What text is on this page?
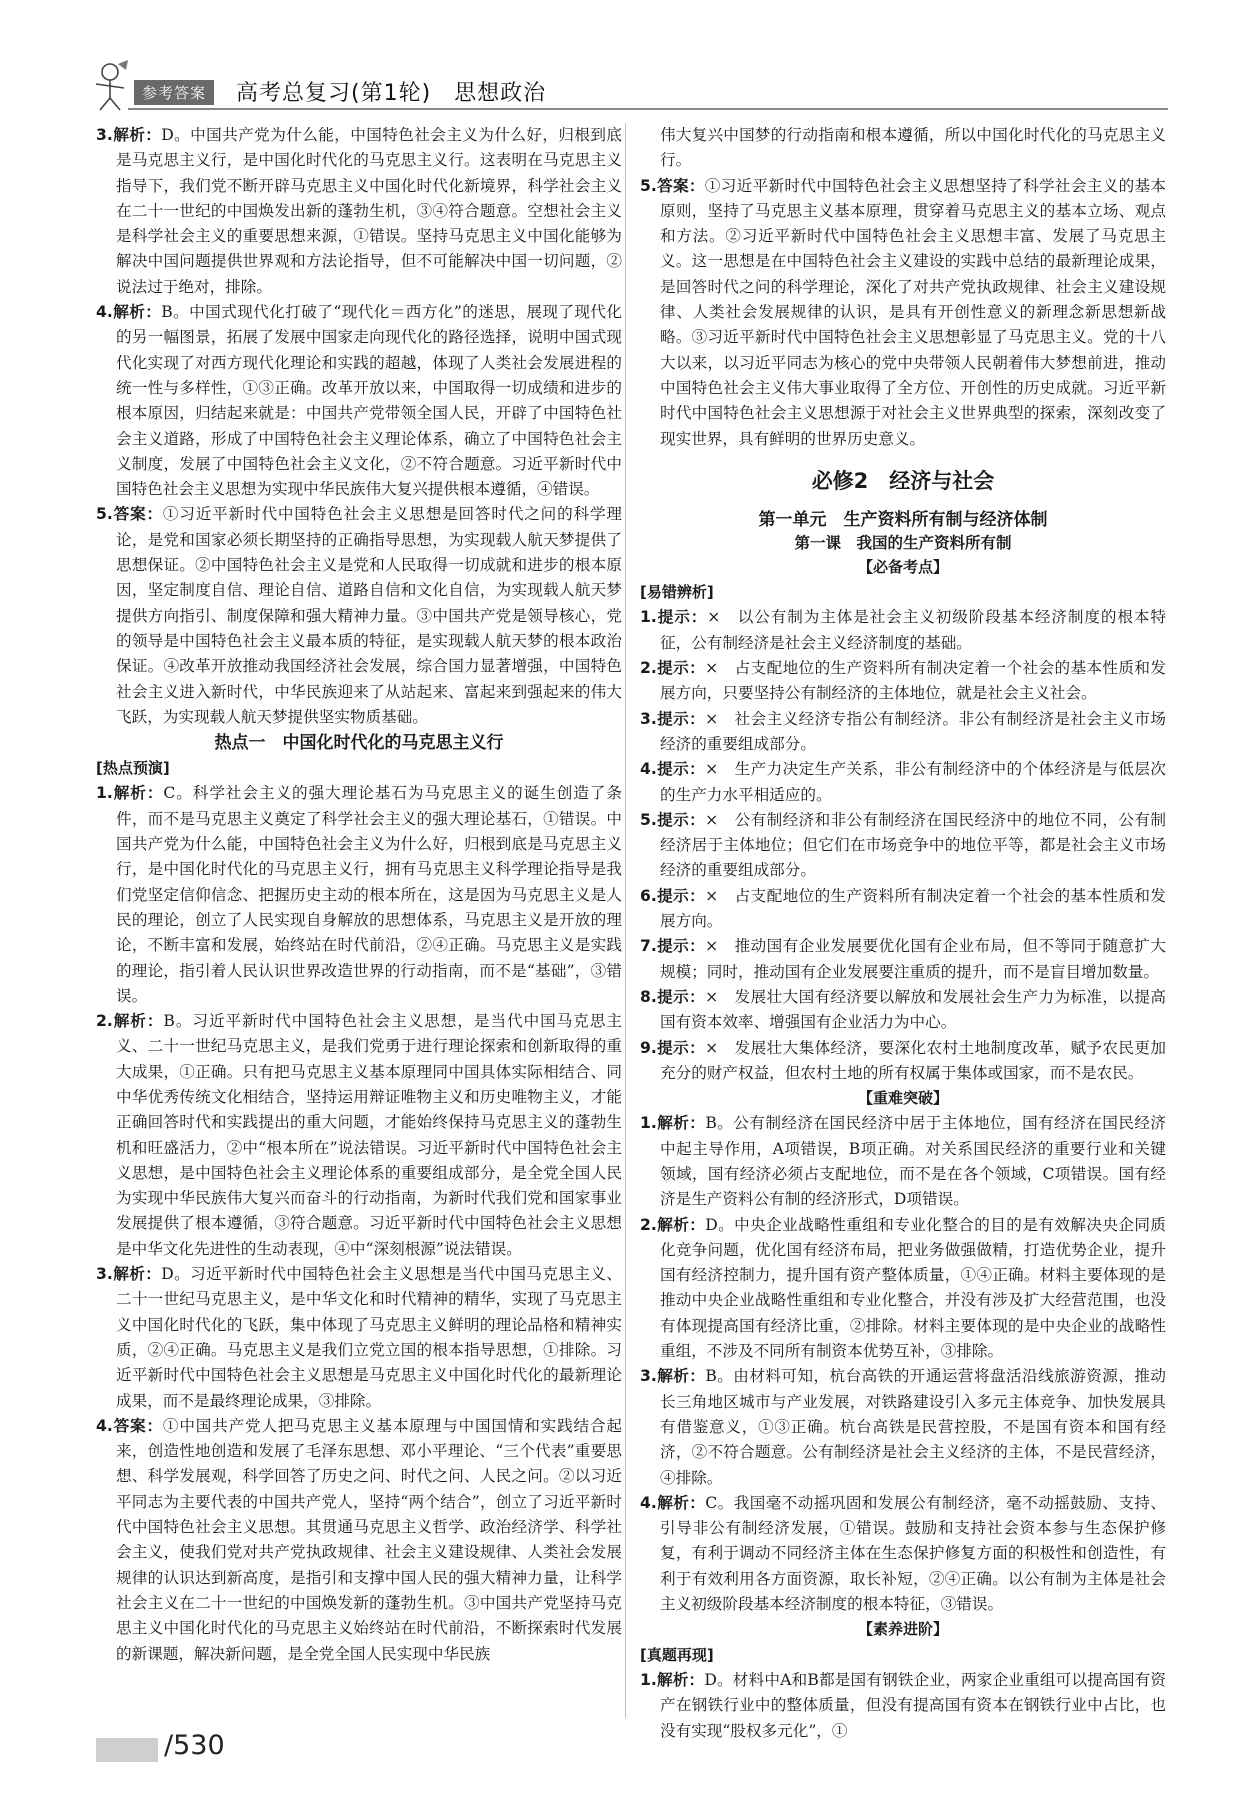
参考答案	高考总复习(第1轮)　思想政治

3.解析：D。中国共产党为什么能，中国特色社会主义为什么好，归根到底是马克思主义行，是中国化时代化的马克思主义行。这表明在马克思主义指导下，我们党不断开辟马克思主义中国化时代化新境界，科学社会主义在二十一世纪的中国焕发出新的蓬勃生机，③④符合题意。空想社会主义是科学社会主义的重要思想来源，①错误。坚持马克思主义中国化能够为解决中国问题提供世界观和方法论指导，但不可能解决中国一切问题，②说法过于绝对，排除。

4.解析：B。中国式现代化打破了“现代化＝西方化”的迷思，展现了现代化的另一幅图景，拓展了发展中国家走向现代化的路径选择，说明中国式现代化实现了对西方现代化理论和实践的超越，体现了人类社会发展进程的统一性与多样性，①③正确。改革开放以来，中国取得一切成绩和进步的根本原因，归结起来就是：中国共产党带领全国人民，开辟了中国特色社会主义道路，形成了中国特色社会主义理论体系，确立了中国特色社会主义制度，发展了中国特色社会主义文化，②不符合题意。习近平新时代中国特色社会主义思想为实现中华民族伟大复兴提供根本遵循，④错误。

5.答案：①习近平新时代中国特色社会主义思想是回答时代之问的科学理论，是党和国家必须长期坚持的正确指导思想，为实现载人航天梦提供了思想保证。②中国特色社会主义是党和人民取得一切成就和进步的根本原因，坚定制度自信、理论自信、道路自信和文化自信，为实现载人航天梦提供方向指引、制度保障和强大精神力量。③中国共产党是领导核心，党的领导是中国特色社会主义最本质的特征，是实现载人航天梦的根本政治保证。④改革开放推动我国经济社会发展，综合国力显著增强，中国特色社会主义进入新时代，中华民族迎来了从站起来、富起来到强起来的伟大飞跃，为实现载人航天梦提供坚实物质基础。

热点一　中国化时代化的马克思主义行

[热点预演]

1.解析：C。科学社会主义的强大理论基石为马克思主义的诞生创造了条件，而不是马克思主义奠定了科学社会主义的强大理论基石，①错误。中国共产党为什么能，中国特色社会主义为什么好，归根到底是马克思主义行，是中国化时代化的马克思主义行，拥有马克思主义科学理论指导是我们党坚定信仰信念、把握历史主动的根本所在，这是因为马克思主义是人民的理论，创立了人民实现自身解放的思想体系，马克思主义是开放的理论，不断丰富和发展，始终站在时代前沿，②④正确。马克思主义是实践的理论，指引着人民认识世界改造世界的行动指南，而不是“基础”，③错误。

2.解析：B。习近平新时代中国特色社会主义思想，是当代中国马克思主义、二十一世纪马克思主义，是我们党勇于进行理论探索和创新取得的重大成果，①正确。只有把马克思主义基本原理同中国具体实际相结合、同中华优秀传统文化相结合，坚持运用辩证唯物主义和历史唯物主义，才能正确回答时代和实践提出的重大问题，才能始终保持马克思主义的蓬勃生机和旺盛活力，②中“根本所在”说法错误。习近平新时代中国特色社会主义思想，是中国特色社会主义理论体系的重要组成部分，是全党全国人民为实现中华民族伟大复兴而奋斗的行动指南，为新时代我们党和国家事业发展提供了根本遵循，③符合题意。习近平新时代中国特色社会主义思想是中华文化先进性的生动表现，④中“深刻根源”说法错误。

3.解析：D。习近平新时代中国特色社会主义思想是当代中国马克思主义、二十一世纪马克思主义，是中华文化和时代精神的精华，实现了马克思主义中国化时代化的飞跃，集中体现了马克思主义鲜明的理论品格和精神实质，②④正确。马克思主义是我们立党立国的根本指导思想，①排除。习近平新时代中国特色社会主义思想是马克思主义中国化时代化的最新理论成果，而不是最终理论成果，③排除。

4.答案：①中国共产党人把马克思主义基本原理与中国国情和实践结合起来，创造性地创造和发展了毛泽东思想、邓小平理论、“三个代表”重要思想、科学发展观，科学回答了历史之问、时代之问、人民之问。②以习近平同志为主要代表的中国共产党人，坚持“两个结合”，创立了习近平新时代中国特色社会主义思想。其贯通马克思主义哲学、政治经济学、科学社会主义，使我们党对共产党执政规律、社会主义建设规律、人类社会发展规律的认识达到新高度，是指引和支撑中国人民的强大精神力量，让科学社会主义在二十一世纪的中国焕发新的蓬勃生机。③中国共产党坚持马克思主义中国化时代化的马克思主义始终站在时代前沿，不断探索时代发展的新课题，解决新问题，是全党全国人民实现中华民族

伟大复兴中国梦的行动指南和根本遵循，所以中国化时代化的马克思主义行。

5.答案：①习近平新时代中国特色社会主义思想坚持了科学社会主义的基本原则，坚持了马克思主义基本原理，贯穿着马克思主义的基本立场、观点和方法。②习近平新时代中国特色社会主义思想丰富、发展了马克思主义。这一思想是在中国特色社会主义建设的实践中总结的最新理论成果，是回答时代之问的科学理论，深化了对共产党执政规律、社会主义建设规律、人类社会发展规律的认识，是具有开创性意义的新理念新思想新战略。③习近平新时代中国特色社会主义思想彰显了马克思主义。党的十八大以来，以习近平同志为核心的党中央带领人民朝着伟大梦想前进，推动中国特色社会主义伟大事业取得了全方位、开创性的历史成就。习近平新时代中国特色社会主义思想源于对社会主义世界典型的探索，深刻改变了现实世界，具有鲜明的世界历史意义。

必修2　经济与社会

第一单元　生产资料所有制与经济体制

第一课　我国的生产资料所有制

【必备考点】

[易错辨析]

1.提示：×　以公有制为主体是社会主义初级阶段基本经济制度的根本特征，公有制经济是社会主义经济制度的基础。

2.提示：×　占支配地位的生产资料所有制决定着一个社会的基本性质和发展方向，只要坚持公有制经济的主体地位，就是社会主义社会。

3.提示：×　社会主义经济专指公有制经济。非公有制经济是社会主义市场经济的重要组成部分。

4.提示：×　生产力决定生产关系，非公有制经济中的个体经济是与低层次的生产力水平相适应的。

5.提示：×　公有制经济和非公有制经济在国民经济中的地位不同，公有制经济居于主体地位；但它们在市场竞争中的地位平等，都是社会主义市场经济的重要组成部分。

6.提示：×　占支配地位的生产资料所有制决定着一个社会的基本性质和发展方向。

7.提示：×　推动国有企业发展要优化国有企业布局，但不等同于随意扩大规模；同时，推动国有企业发展要注重质的提升，而不是盲目增加数量。

8.提示：×　发展壮大国有经济要以解放和发展社会生产力为标准，以提高国有资本效率、增强国有企业活力为中心。

9.提示：×　发展壮大集体经济，要深化农村土地制度改革，赋予农民更加充分的财产权益，但农村土地的所有权属于集体或国家，而不是农民。

【重难突破】

1.解析：B。公有制经济在国民经济中居于主体地位，国有经济在国民经济中起主导作用，A项错误，B项正确。对关系国民经济的重要行业和关键领域，国有经济必须占支配地位，而不是在各个领域，C项错误。国有经济是生产资料公有制的经济形式，D项错误。

2.解析：D。中央企业战略性重组和专业化整合的目的是有效解决央企同质化竞争问题，优化国有经济布局，把业务做强做精，打造优势企业，提升国有经济控制力，提升国有资产整体质量，①④正确。材料主要体现的是推动中央企业战略性重组和专业化整合，并没有涉及扩大经营范围，也没有体现提高国有经济比重，②排除。材料主要体现的是中央企业的战略性重组，不涉及不同所有制资本优势互补，③排除。

3.解析：B。由材料可知，杭台高铁的开通运营将盘活沿线旅游资源，推动长三角地区城市与产业发展，对铁路建设引入多元主体竞争、加快发展具有借鉴意义，①③正确。杭台高铁是民营控股，不是国有资本和国有经济，②不符合题意。公有制经济是社会主义经济的主体，不是民营经济，④排除。

4.解析：C。我国毫不动摇巩固和发展公有制经济，毫不动摇鼓励、支持、引导非公有制经济发展，①错误。鼓励和支持社会资本参与生态保护修复，有利于调动不同经济主体在生态保护修复方面的积极性和创造性，有利于有效利用各方面资源，取长补短，②④正确。以公有制为主体是社会主义初级阶段基本经济制度的根本特征，③错误。

【素养进阶】

[真题再现]

1.解析：D。材料中A和B都是国有钢铁企业，两家企业重组可以提高国有资产在钢铁行业中的整体质量，但没有提高国有资本在钢铁行业中占比，也没有实现“股权多元化”，①

/530
